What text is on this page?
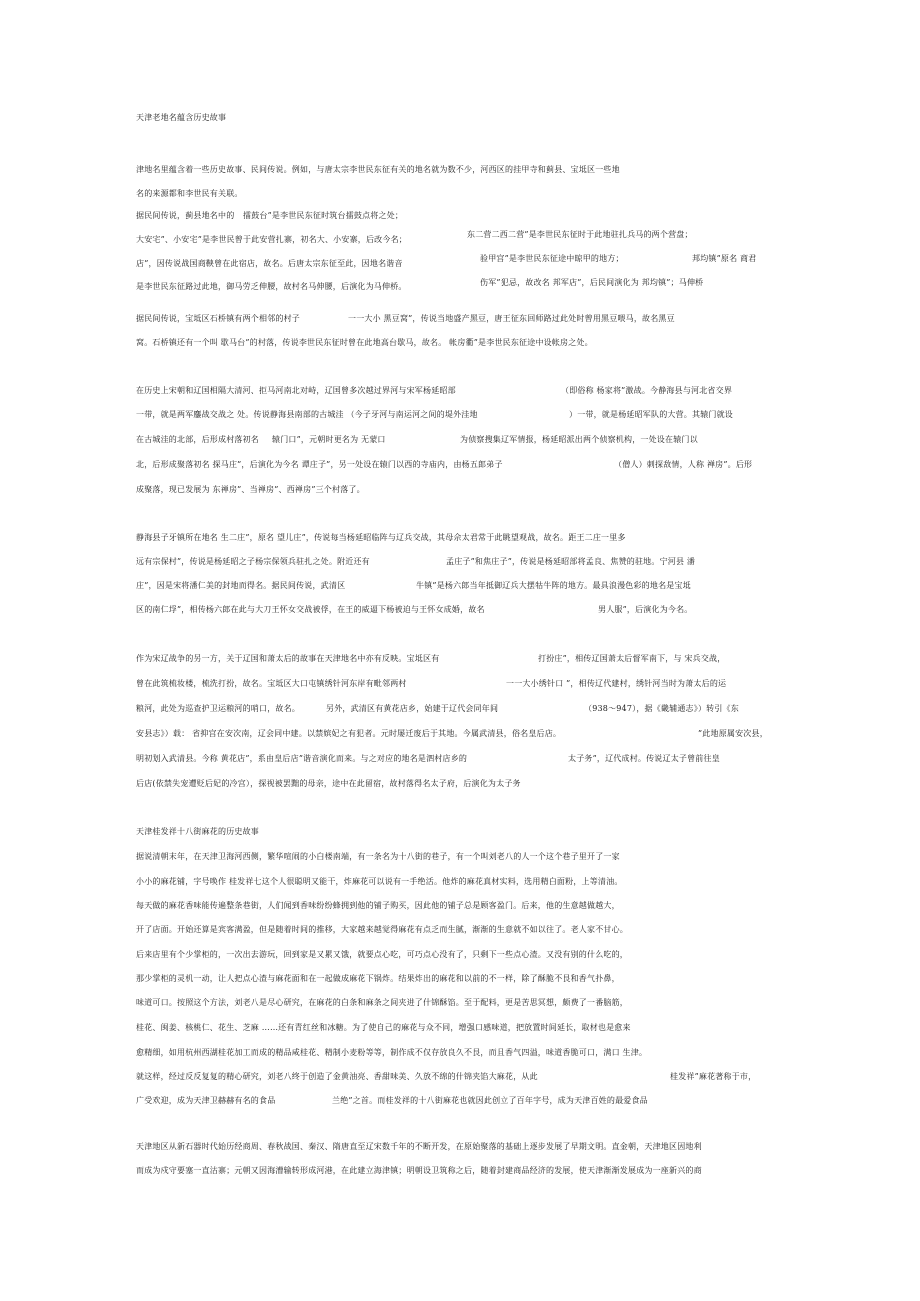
天津老地名蕴含历史故事
津地名里蕴含着一些历史故事、民间传说。例如，与唐太宗李世民东征有关的地名就为数不少，河西区的挂甲寺和蓟县、宝坻区一些地
名的来源都和李世民有关联。
据民间传说，蓟县地名中的 擂鼓台”是李世民东征时筑台擂鼓点将之处；
大安宅”、小安宅”是李世民曾于此安营扎寨，初名大、小安寨，后改今名；
店”，因传说战国商鞅曾在此宿店，故名。后唐太宗东征至此，因地名谐音
是李世民东征路过此地，御马劳乏伸腰，故村名马伸腰，后演化为马伸桥。
东二营二西二营”是李世民东征时于此地驻扎兵马的两个营盘；
验甲宫”是李世民东征途中晾甲的地方；	邦均镇”原名 商君
伤军”犯忌，故改名 邦军店”，后民间演化为 邦均镇”；马伸桥

据民间传说，宝坻区石桥镇有两个相邻的村子

	一一大小 黑豆窝”，传说当地盛产黑豆，唐王征东回师路过此处时曾用黑豆喂马，故名黑豆

窝。石桥镇还有一个叫 歇马台”的村落，传说李世民东征时曾在此地高台歇马，故名。 帐房衢”是李世民东征途中设帐房之处。

在历史上宋朝和辽国相隔大清河、拒马河南北对峙，辽国曾多次越过界河与宋军杨延昭部

	（即俗称 杨家将”激战。今静海县与河北省交界

一带，就是两军鏖战交战之 处。传说静海县南部的古城洼 （今子牙河与南运河之间的堤外洼地

	）一带，就是杨延昭军队的大营。其辕门就设

在古城洼的北部，后形成村落初名

辕门口”，元朝时更名为 无蒙口

	为侦察搜集辽军情报，杨延昭派出两个侦察机构，一处设在辕门以

北，后形成聚落初名 探马庄”，后演化为今名 谭庄子”，另一处设在辕门以西的寺庙内，由杨五郎弟子

	（僧人）刺探敌情，人称 禅房”。后形

成聚落，现已发展为 东禅房”、当禅房”、西禅房”三个村落了。
静海县子牙镇所在地名 生二庄”，原名 望儿庄”，传说每当杨延昭临阵与辽兵交战，其母佘太君常于此眺望观战，故名。距王二庄一里多

远有宗保村”，传说是杨延昭之子杨宗保领兵驻扎之处。附近还有

	孟庄子”和焦庄子”，传说是杨延昭部将孟良、焦赞的驻地。宁河县 潘

庄”，因是宋将潘仁美的封地而得名。据民间传说，武清区

	牛镇”是杨六郎当年抵御辽兵大摆牯牛阵的地方。最具浪漫色彩的地名是宝坻

区的南仁垺”，相传杨六郎在此与大刀王怀女交战被俘，在王的威逼下杨被迫与王怀女成婚，故名

	男人服”，后演化为今名。

作为宋辽战争的另一方，关于辽国和萧太后的故事在天津地名中亦有反映。宝坻区有

	打扮庄”，相传辽国萧太后督军南下，与 宋兵交战，

曾在此筑梳妆楼，梳洗打扮，故名。宝坻区大口屯镇绣针河东岸有毗邻两村

	一一大小绣针口 ”，相传辽代建村，绣针河当时为萧太后的运

粮河，此处为巡查护卫运粮河的哨口，故名。

	另外，武清区有黄花店乡，始建于辽代会同年间

	（938〜947），据《畿辅通志》）转引《东

安县志》）载： 省抑宫在安次南，辽会同中建。以禁嫔妃之有犯者。元时屡迁废后于其地。今属武清县，俗名皇后店。

	”此地原属安次县，

明初划入武清县。今称 黄花店”，系由皇后店”谐音演化而来。与之对应的地名是泗村店乡的

	太子务”，辽代成村。传说辽太子曾前往皇

后店(依禁失宠遭贬后妃的冷宫），探视被罢黜的母亲，途中在此留宿，故村落得名太子府，后演化为太子务
天津桂发祥十八街麻花的历史故事
据说清朝末年，在天津卫海河西侧，繁华喧闹的小白楼南端，有一条名为十八街的巷子，有一个叫刘老八的人一个这个巷子里开了一家
小小的麻花铺，字号唤作 桂发祥七这个人很聪明又能干，炸麻花可以说有一手绝活。他炸的麻花真材实料，选用精白面粉，上等清油。
每天做的麻花香味能传遍整条巷街，人们闻到香味纷纷蜂拥到他的铺子购买，因此他的铺子总是顾客盈门。后来，他的生意越做越大，
开了店面。开始还算是宾客满盈，但是随着时间的推移，大家越来越觉得麻花有点乏而生腻，渐渐的生意就不如以往了。老人家不甘心。
后来店里有个少掌柜的，一次出去游玩，回到家是又累又饿，就要点心吃，可巧点心没有了，只剩下一些点心渣。又没有别的什么吃的，
那少掌柜的灵机一动，让人把点心渣与麻花面和在一起做成麻花下锅炸。结果炸出的麻花和以前的不一样，除了酥脆不艮和香气扑鼻，
味道可口。按照这个方法，刘老八是尽心研究，在麻花的白条和麻条之间夹进了什锦酥馅。至于配料，更是苦思冥想，颇费了一番脑筋，
桂花、闽姜、核桃仁、花生、芝麻 ……还有青红丝和冰糖。为了使自己的麻花与众不同，增强口感味道，把放置时间延长，取材也是愈来
愈精细，如用杭州西湖桂花加工而成的精品咸桂花、精制小麦粉等等，制作成不仅存放良久不艮，而且香气四溢，味道香脆可口，满口 生津。

就这样，经过反反复复的精心研究，刘老八终于创造了金黄油亮、香甜味美、久放不绵的什锦夹馅大麻花，从此

	桂发祥”麻花著称于市，

广受欢迎，成为天津卫赫赫有名的食品

	兰绝”之首。而桂发祥的十八街麻花也就因此创立了百年字号，成为天津百姓的最爱食品

天津地区从新石器时代始历经商周、春秋战国、秦汉、隋唐直至辽宋数千年的不断开发，在原始聚落的基础上逐步发展了早期文明。直金朝，天津地区因地利
而成为戍守要塞一直沽寨；元朝又因海漕输转形成河港，在此建立海津镇；明朝设卫筑称之后，随着封建商品经济的发展，使天津渐渐发展成为一座新兴的商
